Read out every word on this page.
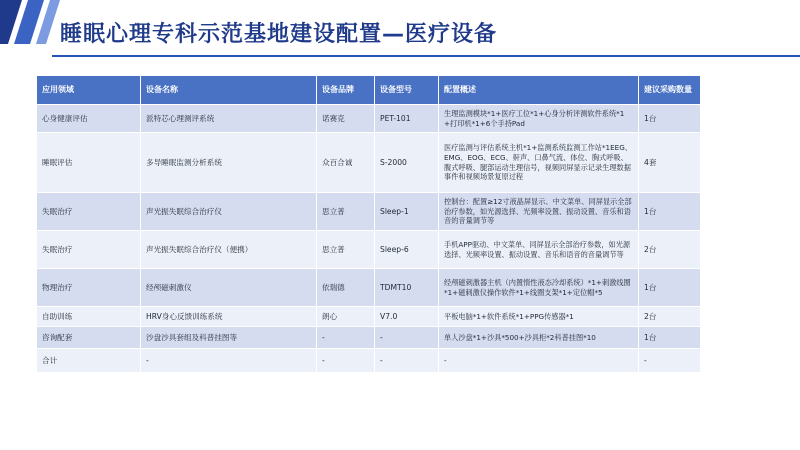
睡眠心理专科示范基地建设配置—医疗设备
应用领域	设备名称	设备品牌	设备型号	配置概述	建议采购数量
心身健康评估	派特芯心理测评系统	诺赛克	PET-101	生理监测模块*1+医疗工位*1+心身分析评测软件系统*1+打印机*1+6个手持Pad	1台
睡眠评估	多导睡眠监测分析系统	众百合诚	S-2000	医疗监测与评估系统主机*1+监测系统监测工作站*1EEG、EMG、EOG、ECG、鼾声、口鼻气流、体位、胸式呼吸、腹式呼吸、腿部运动生理信号，视频同屏显示记录生理数据事件和视频场景复原过程	4套
失眠治疗	声光振失眠综合治疗仪	思立普	Sleep-1	控制台：配置≥12寸液晶屏显示、中文菜单、同屏显示全部治疗参数，如光源选择、光频率设置、振动设置、音乐和语音的音量调节等	1台
失眠治疗	声光振失眠综合治疗仪（便携）	思立普	Sleep-6	手机APP驱动、中文菜单、同屏显示全部治疗参数，如光源选择、光频率设置、振动设置、音乐和语音的音量调节等	2台
物理治疗	经颅磁刺激仪	依瑞德	TDMT10	经颅磁刺激器主机（内置惰性液态冷却系统）*1+刺激线圈*1+磁刺激仪操作软件*1+线圈支架*1+定位帽*5	1台
自助训练	HRV身心反馈训练系统	朗心	V7.0	平板电脑*1+软件系统*1+PPG传感器*1	2台
咨询配套	沙盘沙具套组及科普挂图等	-	-	单人沙盘*1+沙具*500+沙具柜*2科普挂图*10	1台
合计	-	-	-	-	-
